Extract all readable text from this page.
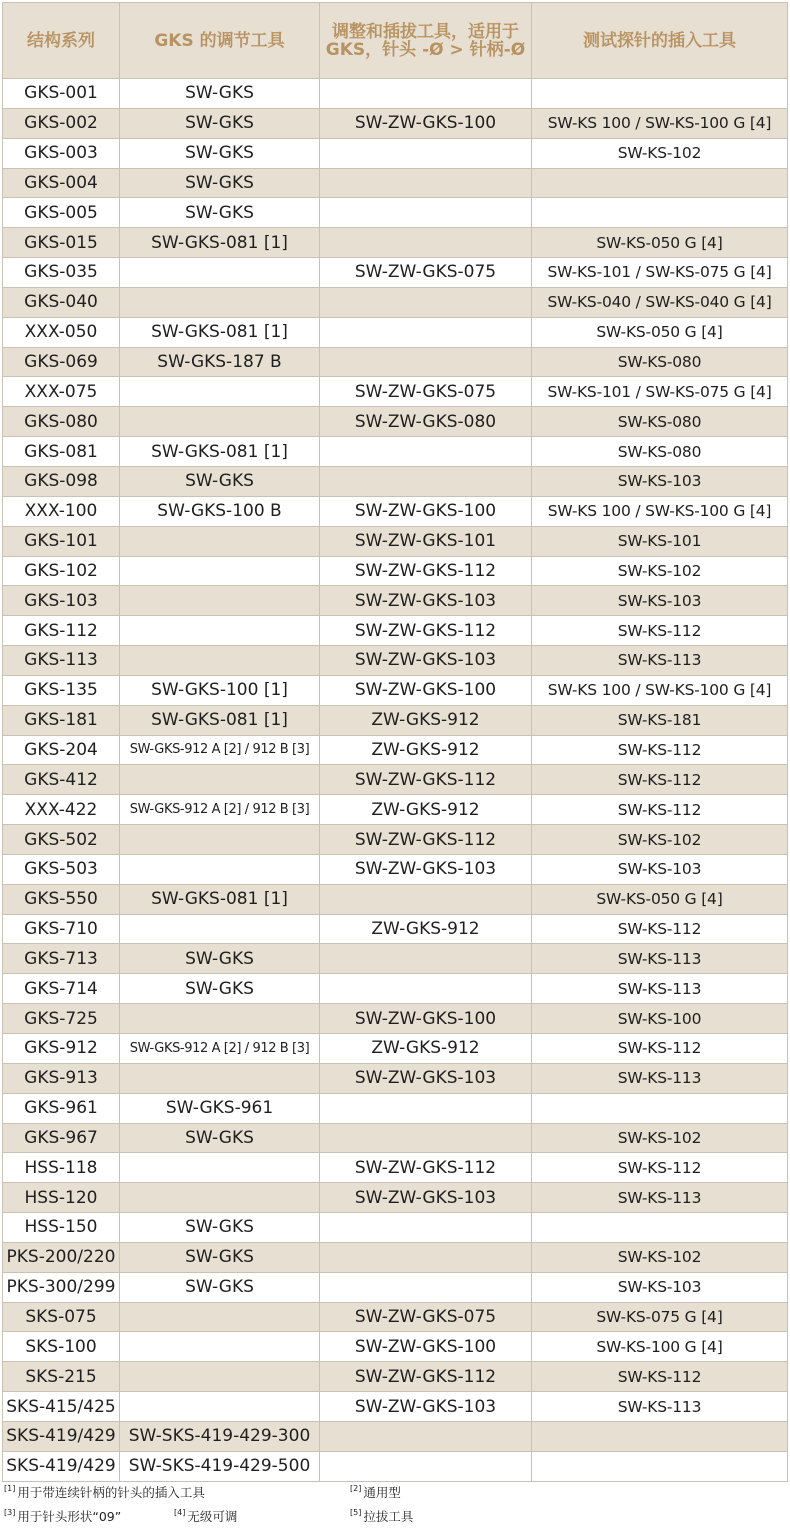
结构系列	GKS 的调节工具	调整和插拔工具，适用于 GKS，针头 -Ø > 针柄-Ø	测试探针的插入工具
GKS-001	SW-GKS		
GKS-002	SW-GKS	SW-ZW-GKS-100	SW-KS 100 / SW-KS-100 G [4]
GKS-003	SW-GKS		SW-KS-102
GKS-004	SW-GKS		
GKS-005	SW-GKS		
GKS-015	SW-GKS-081 [1]		SW-KS-050 G [4]
GKS-035		SW-ZW-GKS-075	SW-KS-101 / SW-KS-075 G [4]
GKS-040			SW-KS-040 / SW-KS-040 G [4]
XXX-050	SW-GKS-081 [1]		SW-KS-050 G [4]
GKS-069	SW-GKS-187 B		SW-KS-080
XXX-075		SW-ZW-GKS-075	SW-KS-101 / SW-KS-075 G [4]
GKS-080		SW-ZW-GKS-080	SW-KS-080
GKS-081	SW-GKS-081 [1]		SW-KS-080
GKS-098	SW-GKS		SW-KS-103
XXX-100	SW-GKS-100 B	SW-ZW-GKS-100	SW-KS 100 / SW-KS-100 G [4]
GKS-101		SW-ZW-GKS-101	SW-KS-101
GKS-102		SW-ZW-GKS-112	SW-KS-102
GKS-103		SW-ZW-GKS-103	SW-KS-103
GKS-112		SW-ZW-GKS-112	SW-KS-112
GKS-113		SW-ZW-GKS-103	SW-KS-113
GKS-135	SW-GKS-100 [1]	SW-ZW-GKS-100	SW-KS 100 / SW-KS-100 G [4]
GKS-181	SW-GKS-081 [1]	ZW-GKS-912	SW-KS-181
GKS-204	SW-GKS-912 A [2] / 912 B [3]	ZW-GKS-912	SW-KS-112
GKS-412		SW-ZW-GKS-112	SW-KS-112
XXX-422	SW-GKS-912 A [2] / 912 B [3]	ZW-GKS-912	SW-KS-112
GKS-502		SW-ZW-GKS-112	SW-KS-102
GKS-503		SW-ZW-GKS-103	SW-KS-103
GKS-550	SW-GKS-081 [1]		SW-KS-050 G [4]
GKS-710		ZW-GKS-912	SW-KS-112
GKS-713	SW-GKS		SW-KS-113
GKS-714	SW-GKS		SW-KS-113
GKS-725		SW-ZW-GKS-100	SW-KS-100
GKS-912	SW-GKS-912 A [2] / 912 B [3]	ZW-GKS-912	SW-KS-112
GKS-913		SW-ZW-GKS-103	SW-KS-113
GKS-961	SW-GKS-961		
GKS-967	SW-GKS		SW-KS-102
HSS-118		SW-ZW-GKS-112	SW-KS-112
HSS-120		SW-ZW-GKS-103	SW-KS-113
HSS-150	SW-GKS		
PKS-200/220	SW-GKS		SW-KS-102
PKS-300/299	SW-GKS		SW-KS-103
SKS-075		SW-ZW-GKS-075	SW-KS-075 G [4]
SKS-100		SW-ZW-GKS-100	SW-KS-100 G [4]
SKS-215		SW-ZW-GKS-112	SW-KS-112
SKS-415/425		SW-ZW-GKS-103	SW-KS-113
SKS-419/429	SW-SKS-419-429-300		
SKS-419/429	SW-SKS-419-429-500		
[1] 用于带连续针柄的针头的插入工具	[2] 通用型
[3] 用于针头形状“09”	[4] 无级可调	[5] 拉拔工具
